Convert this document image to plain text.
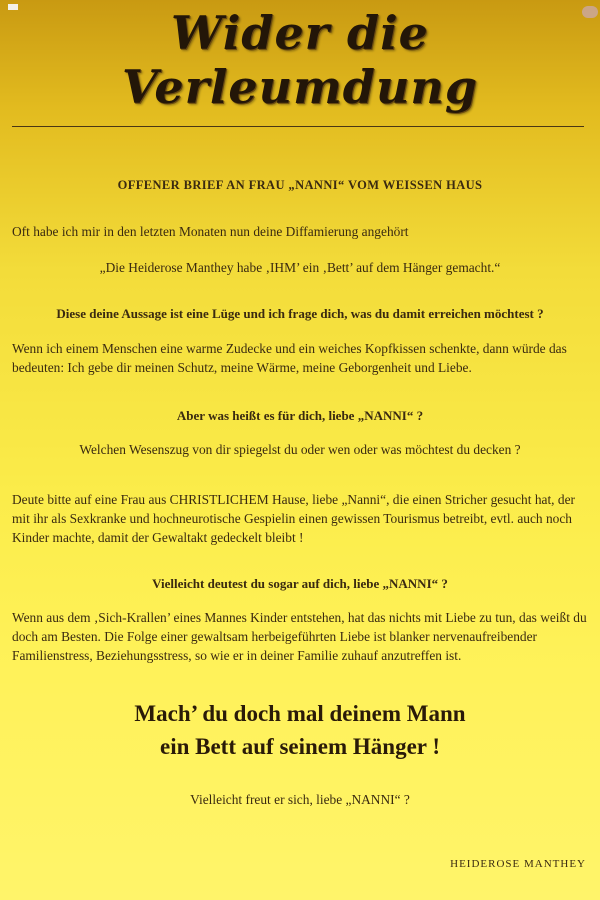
Wider die Verleumdung
OFFENER BRIEF AN FRAU „NANNI“ VOM WEISSEN HAUS

Oft habe ich mir in den letzten Monaten nun deine Diffamierung angehört

„Die Heiderose Manthey habe ‚IHM’ ein ‚Bett’ auf dem Hänger gemacht.“

Diese deine Aussage ist eine Lüge und ich frage dich, was du damit erreichen möchtest ?

Wenn ich einem Menschen eine warme Zudecke und ein weiches Kopfkissen schenkte, dann würde das bedeuten: Ich gebe dir meinen Schutz, meine Wärme, meine Geborgenheit und Liebe.

Aber was heißt es für dich, liebe „NANNI“ ?

Welchen Wesenszug von dir spiegelst du oder wen oder was möchtest du decken ?

Deute bitte auf eine Frau aus CHRISTLICHEM Hause, liebe „Nanni“, die einen Stricher gesucht hat, der mit ihr als Sexkranke und hochneurotische Gespielin einen gewissen Tourismus betreibt, evtl. auch noch Kinder machte, damit der Gewaltakt gedeckelt bleibt !

Vielleicht deutest du sogar auf dich, liebe „NANNI“ ?

Wenn aus dem ‚Sich-Krallen’ eines Mannes Kinder entstehen, hat das nichts mit Liebe zu tun, das weißt du doch am Besten. Die Folge einer gewaltsam herbeigeführten Liebe ist blanker nervenaufreibender Familienstress, Beziehungsstress, so wie er in deiner Familie zuhauf anzutreffen ist.

Mach’ du doch mal deinem Mann
ein Bett auf seinem Hänger !

Vielleicht freut er sich, liebe „NANNI“ ?

HEIDEROSE MANTHEY
